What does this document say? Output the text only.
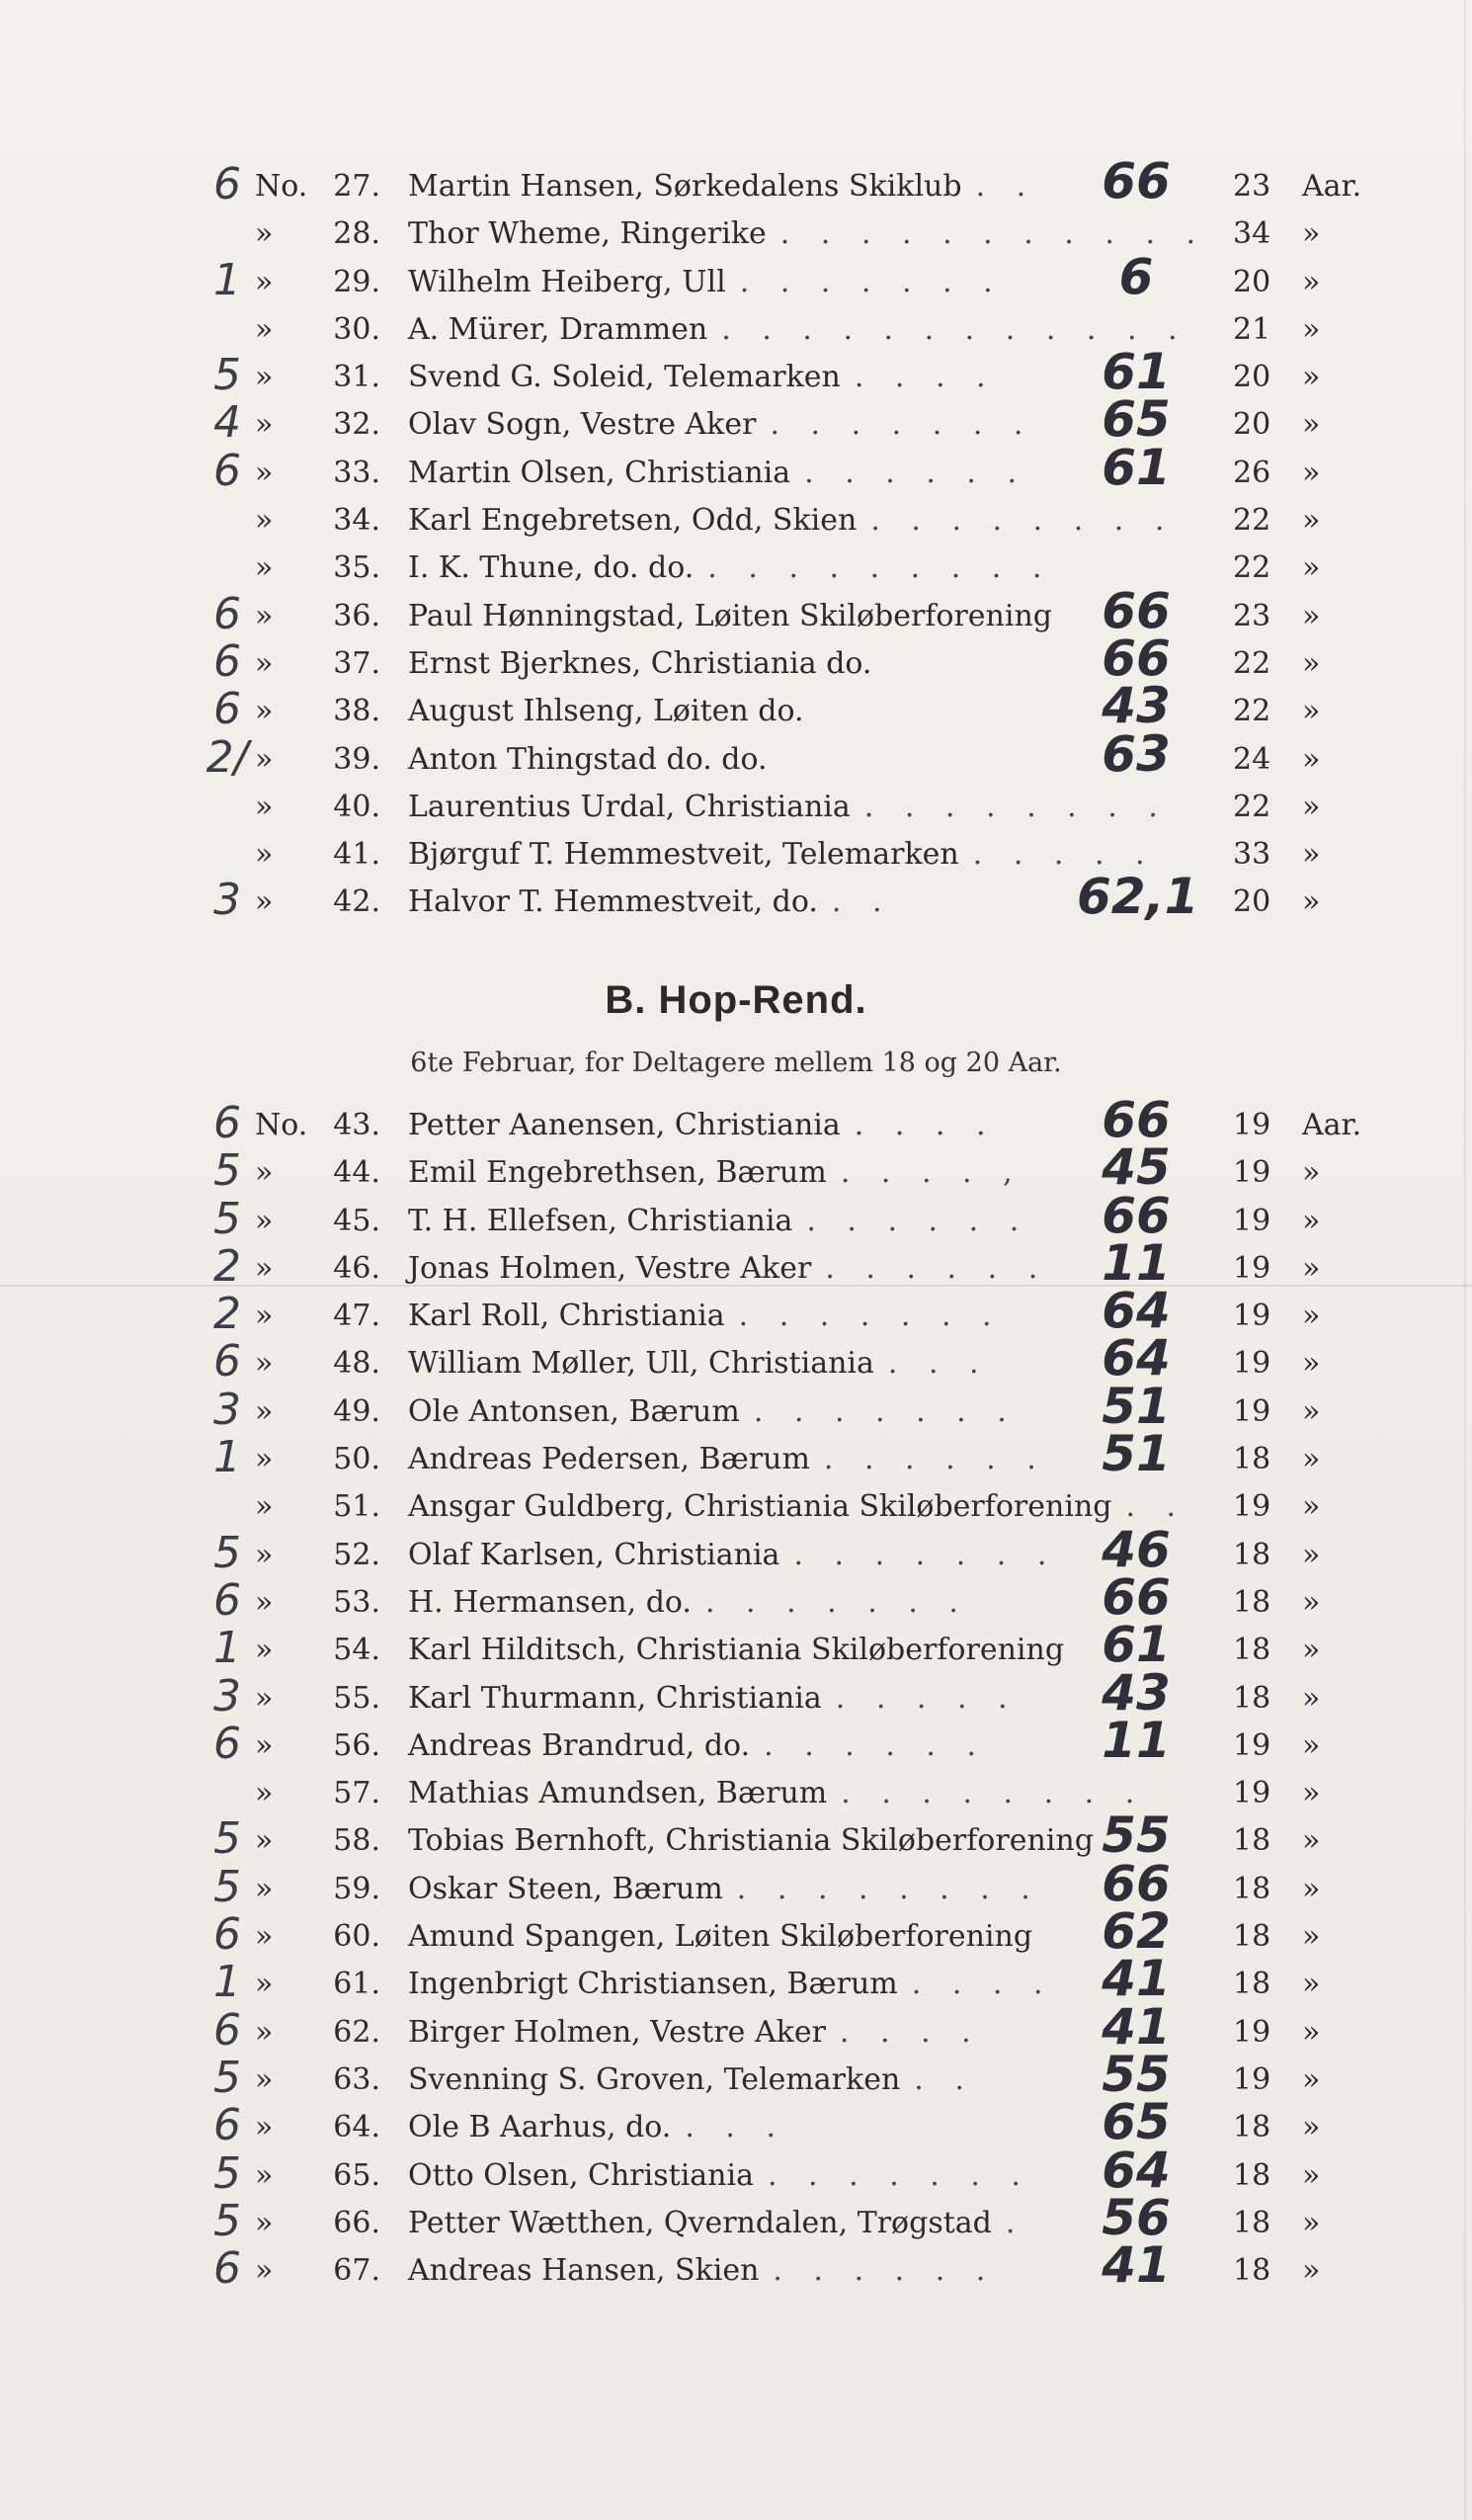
6 No. 27. Martin Hansen, Sørkedalens Skiklub	66	23	Aar.
. .
»	28. Thor Wheme, Ringerike	34	»
. . . . . . . . . . .
1 »	29. Wilhelm Heiberg, Ull	6	20	»
. . . . . . .
»	30. A. Mürer, Drammen	21	»
. . . . . . . . . . . .
5 »	31. Svend G. Soleid, Telemarken	61	20	»
. . . .
4 »	32. Olav Sogn, Vestre Aker	65	20	»
. . . . . . .
6 »	33. Martin Olsen, Christiania	61	26	»
. . . . . .
»	34. Karl Engebretsen, Odd, Skien	22	»
. . . . . . . .
»	35. I. K. Thune, do. do.	22	»
. . . . . . . . .
6 »	36. Paul Hønningstad, Løiten Skiløberforening	66	23	»
6 »	37. Ernst Bjerknes, Christiania do.	66	22	»
6 »	38. August Ihlseng, Løiten do.	43	22	»
2/ »	39. Anton Thingstad do. do.	63	24	»
»	40. Laurentius Urdal, Christiania	22	»
. . . . . . . .
»	41. Bjørguf T. Hemmestveit, Telemarken	33	»
. . . . .
3 »	42. Halvor T. Hemmestveit, do.	62,1 20	»
. .
B. Hop-Rend.
6te Februar, for Deltagere mellem 18 og 20 Aar.
6 No. 43. Petter Aanensen, Christiania	66	19	Aar.
. . . .
5 »	44. Emil Engebrethsen, Bærum	45	19	»
. . . . ,
5 »	45. T. H. Ellefsen, Christiania	66	19	»
. . . . . .
2 »	46. Jonas Holmen, Vestre Aker	11	19	»
. . . . . .
2 »	47. Karl Roll, Christiania	64	19	»
. . . . . . .
6 »	48. William Møller, Ull, Christiania	64	19	»
. . .
3 »	49. Ole Antonsen, Bærum	51	19	»
. . . . . . .
1 »	50. Andreas Pedersen, Bærum	51	18	»
. . . . . .
»	51. Ansgar Guldberg, Christiania Skiløberforening	19	»
. .
5 »	52. Olaf Karlsen, Christiania	46	18	»
. . . . . . .
6 »	53. H. Hermansen, do.	66	18	»
. . . . . . .
1 »	54. Karl Hilditsch, Christiania Skiløberforening 61	18	»
3 »	55. Karl Thurmann, Christiania	43	18	»
. . . . .
6 »	56. Andreas Brandrud, do.	11	19	»
. . . . . .
»	57. Mathias Amundsen, Bærum	19	»
. . . . . . . .
5 »	58. Tobias Bernhoft, Christiania Skiløberforening 55	18	»
5 »	59. Oskar Steen, Bærum	66	18	»
. . . . . . . .
6 »	60. Amund Spangen, Løiten Skiløberforening	62	18	»
1 »	61. Ingenbrigt Christiansen, Bærum	41	18	»
. . . .
6 »	62. Birger Holmen, Vestre Aker	41	19	»
. . . .
5 »	63. Svenning S. Groven, Telemarken	55	19	»
. .
6 »	64. Ole B Aarhus, do.	65	18	»
. . .
5 »	65. Otto Olsen, Christiania	64	18	»
. . . . . . .
5 »	66. Petter Wætthen, Qverndalen, Trøgstad	56	18	»
.
6 »	67. Andreas Hansen, Skien	41	18	»
. . . . . .
